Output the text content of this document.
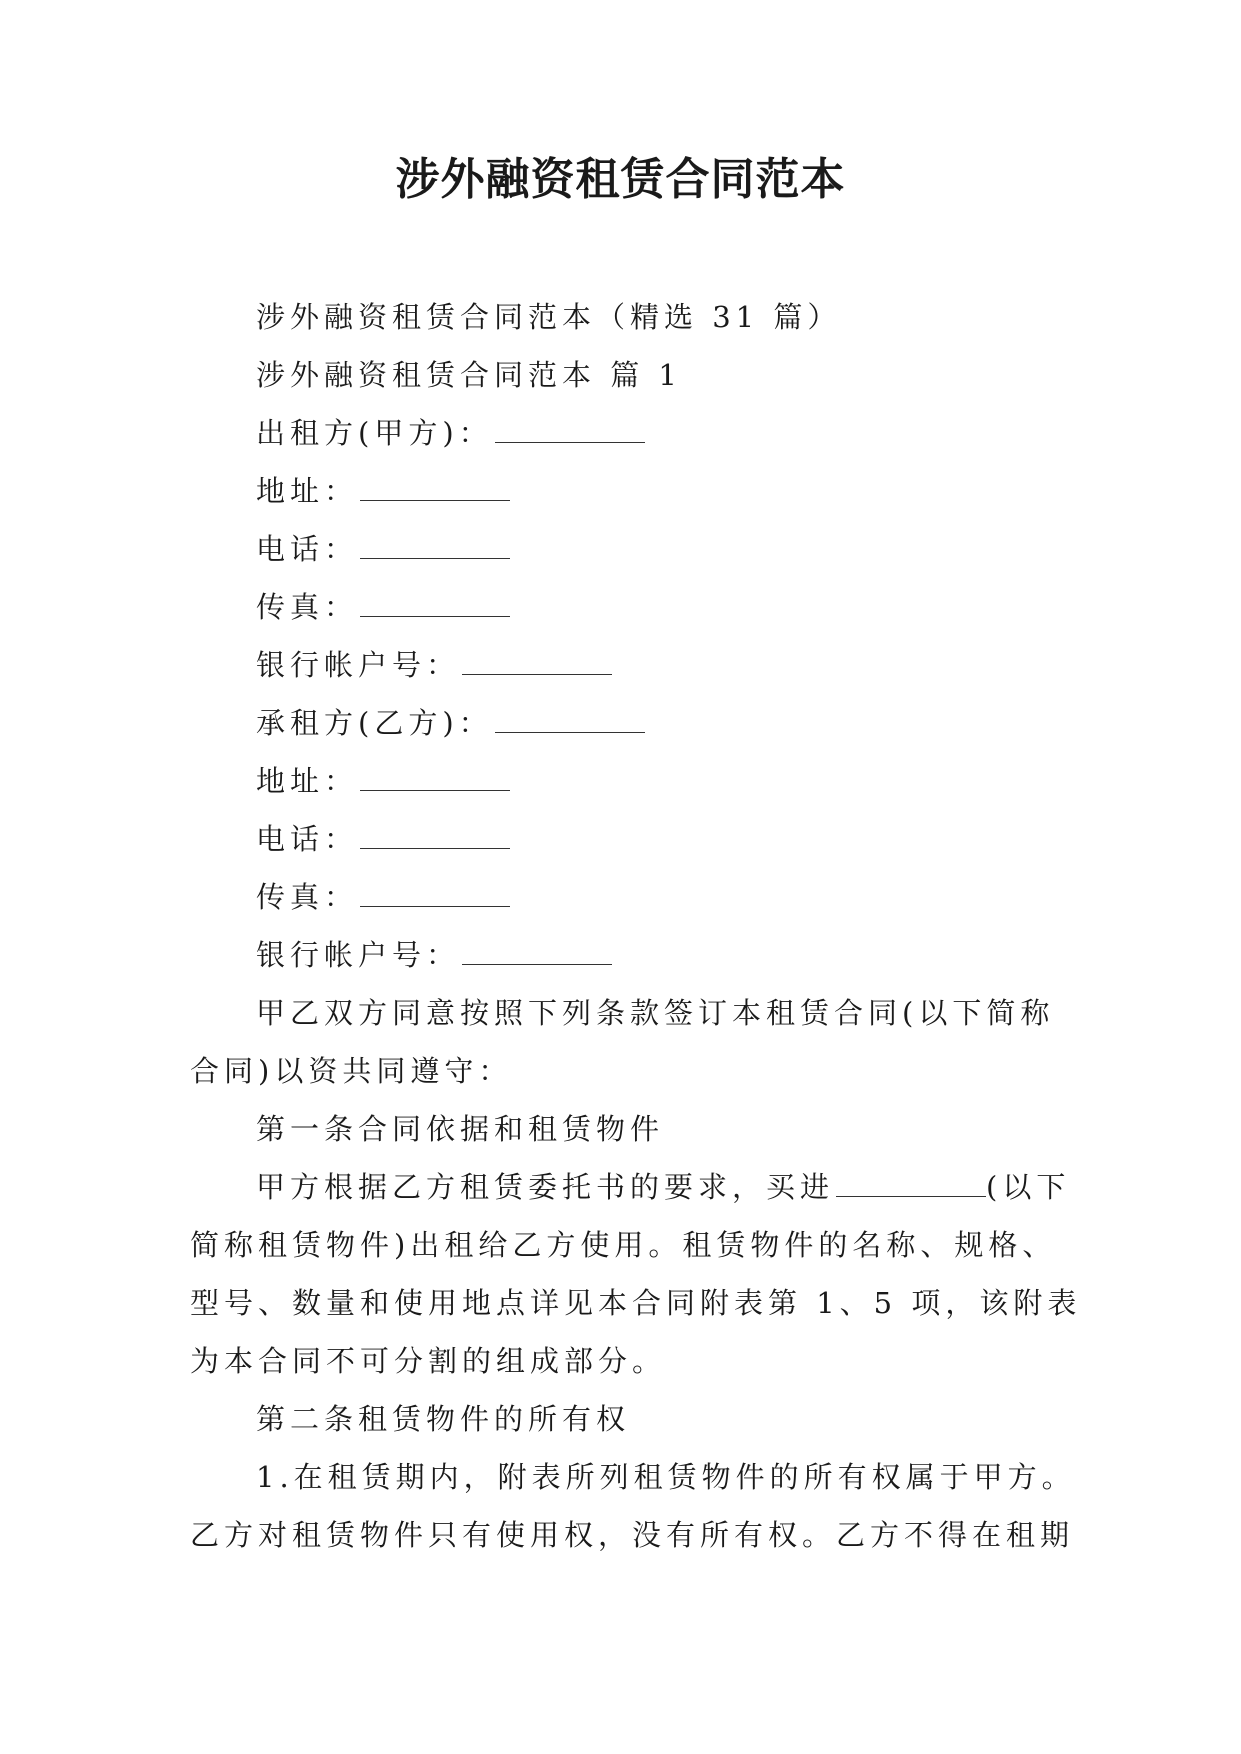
涉外融资租赁合同范本
涉外融资租赁合同范本（精选 31 篇）
涉外融资租赁合同范本 篇 1
出租方(甲方)：
地址：
电话：
传真：
银行帐户号：
承租方(乙方)：
地址：
电话：
传真：
银行帐户号：
甲乙双方同意按照下列条款签订本租赁合同(以下简称
合同)以资共同遵守：
第一条合同依据和租赁物件
甲方根据乙方租赁委托书的要求，买进	(以下
简称租赁物件)出租给乙方使用。租赁物件的名称、规格、
型号、数量和使用地点详见本合同附表第 1、5 项，该附表
为本合同不可分割的组成部分。
第二条租赁物件的所有权
1.在租赁期内，附表所列租赁物件的所有权属于甲方。
乙方对租赁物件只有使用权，没有所有权。乙方不得在租期
